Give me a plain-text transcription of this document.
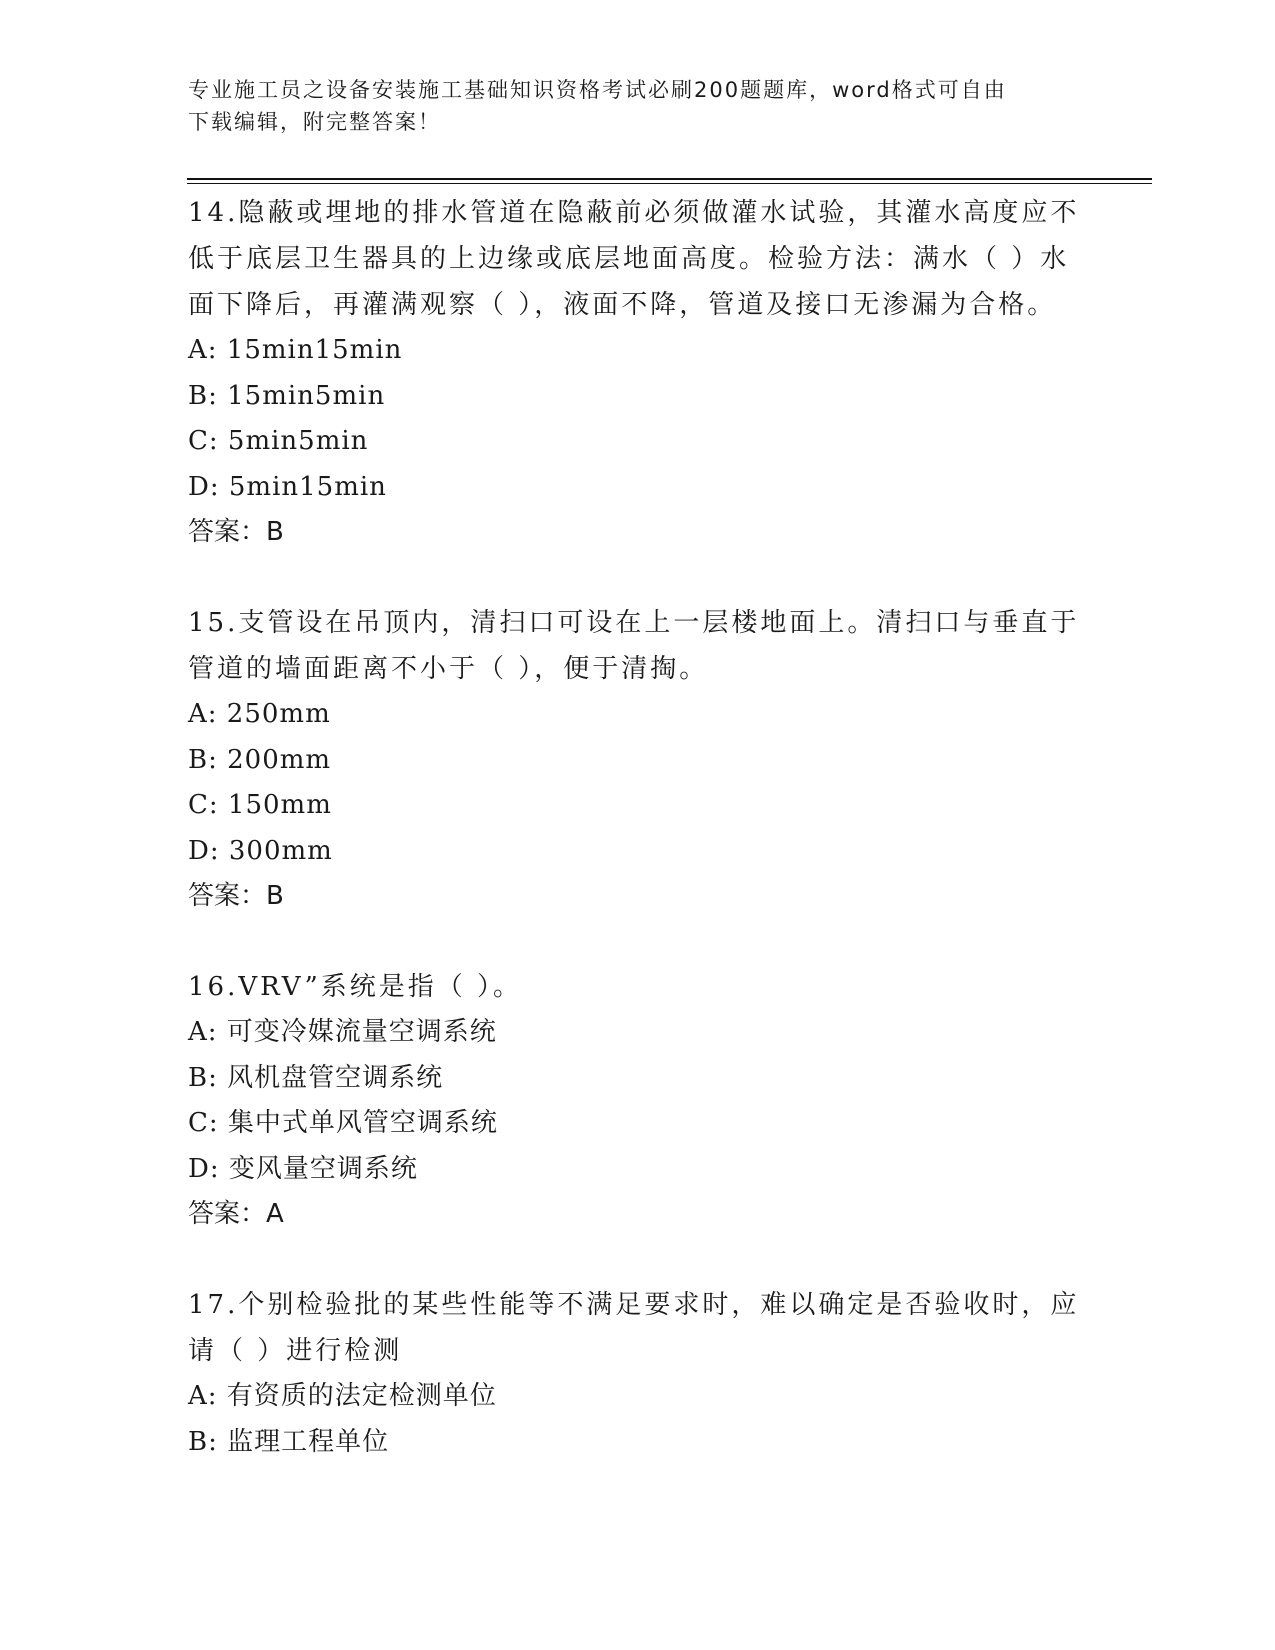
专业施工员之设备安装施工基础知识资格考试必刷200题题库，word格式可自由
下载编辑，附完整答案！

14.隐蔽或埋地的排水管道在隐蔽前必须做灌水试验，其灌水高度应不低于底层卫生器具的上边缘或底层地面高度。检验方法：满水（ ）水面下降后，再灌满观察（ ），液面不降，管道及接口无渗漏为合格。

A: 15min15min

B: 15min5min

C: 5min5min

D: 5min15min

答案：B

15.支管设在吊顶内，清扫口可设在上一层楼地面上。清扫口与垂直于管道的墙面距离不小于（ ），便于清掏。

A: 250mm

B: 200mm

C: 150mm

D: 300mm

答案：B

16.VRV”系统是指（ ）。

A: 可变冷媒流量空调系统

B: 风机盘管空调系统

C: 集中式单风管空调系统

D: 变风量空调系统

答案：A

17.个别检验批的某些性能等不满足要求时，难以确定是否验收时，应请（ ）进行检测

A: 有资质的法定检测单位

B: 监理工程单位
